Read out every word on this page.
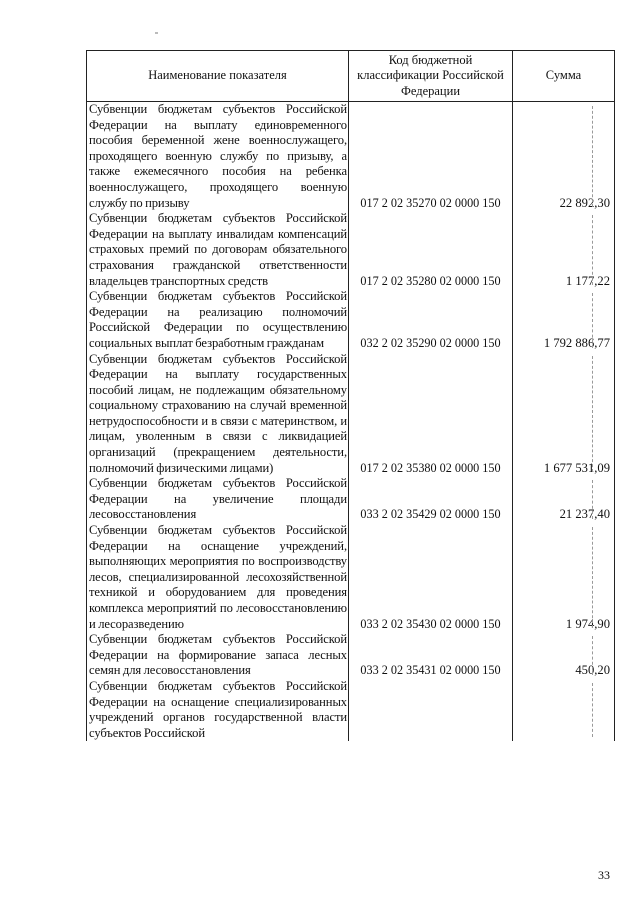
Наименование показателя	Код бюджетной классификации Российской Федерации	Сумма
Субвенции бюджетам субъектов Российской Федерации на выплату единовременного пособия беременной жене военнослужащего, проходящего военную службу по призыву, а также ежемесячного пособия на ребенка военнослужащего, проходящего военную службу по призыву	017 2 02 35270 02 0000 150	22 892,30
Субвенции бюджетам субъектов Российской Федерации на выплату инвалидам компенсаций страховых премий по договорам обязательного страхования гражданской ответственности владельцев транспортных средств	017 2 02 35280 02 0000 150	1 177,22
Субвенции бюджетам субъектов Российской Федерации на реализацию полномочий Российской Федерации по осуществлению социальных выплат безработным гражданам	032 2 02 35290 02 0000 150	1 792 886,77
Субвенции бюджетам субъектов Российской Федерации на выплату государственных пособий лицам, не подлежащим обязательному социальному страхованию на случай временной нетрудоспособности и в связи с материнством, и лицам, уволенным в связи с ликвидацией организаций (прекращением деятельности, полномочий физическими лицами)	017 2 02 35380 02 0000 150	1 677 531,09
Субвенции бюджетам субъектов Российской Федерации на увеличение площади лесовосстановления	033 2 02 35429 02 0000 150	21 237,40
Субвенции бюджетам субъектов Российской Федерации на оснащение учреждений, выполняющих мероприятия по воспроизводству лесов, специализированной лесохозяйственной техникой и оборудованием для проведения комплекса мероприятий по лесовосстановлению и лесоразведению	033 2 02 35430 02 0000 150	1 974,90
Субвенции бюджетам субъектов Российской Федерации на формирование запаса лесных семян для лесовосстановления	033 2 02 35431 02 0000 150	450,20
Субвенции бюджетам субъектов Российской Федерации на оснащение специализированных учреждений органов государственной власти субъектов Российской		
33
